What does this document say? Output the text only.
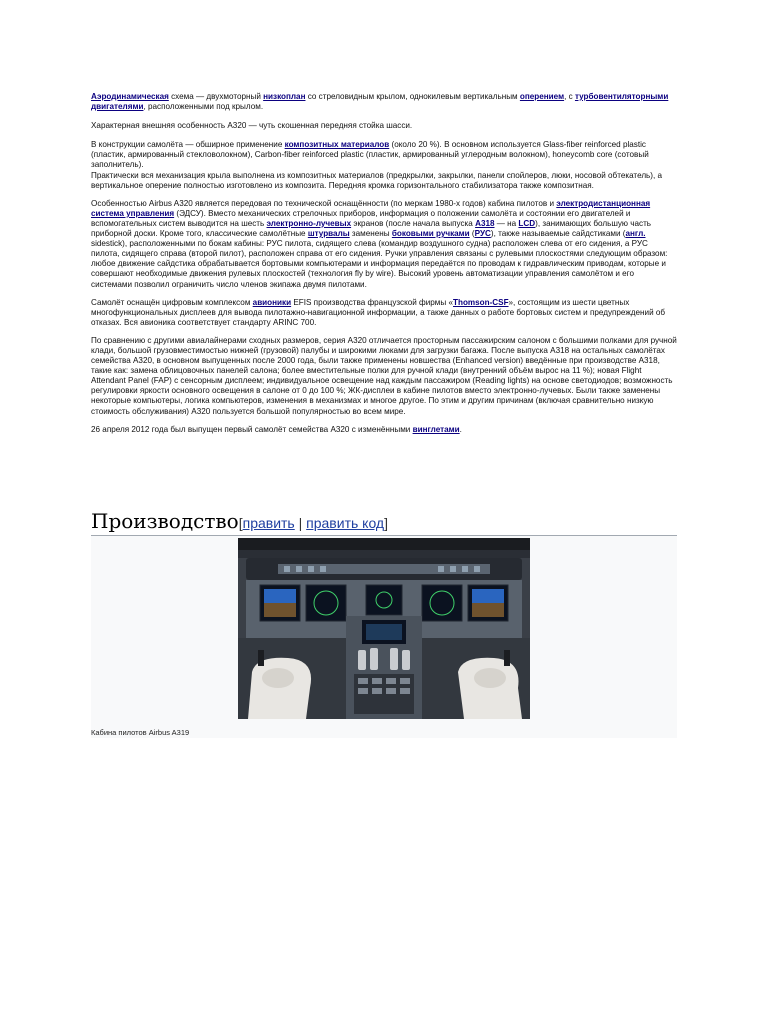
Аэродинамическая схема — двухмоторный низкоплан со стреловидным крылом, однокилевым вертикальным оперением, с турбовентиляторными двигателями, расположенными под крылом.

Характерная внешняя особенность A320 — чуть скошенная передняя стойка шасси.

В конструкции самолёта — обширное применение композитных материалов (около 20 %). В основном используется Glass-fiber reinforced plastic (пластик, армированный стекловолокном), Carbon-fiber reinforced plastic (пластик, армированный углеродным волокном), honeycomb core (сотовый заполнитель).

Практически вся механизация крыла выполнена из композитных материалов (предкрылки, закрылки, панели спойлеров, люки, носовой обтекатель), а вертикальное оперение полностью изготовлено из композита. Передняя кромка горизонтального стабилизатора также композитная.

Особенностью Airbus A320 является передовая по технической оснащённости (по меркам 1980-х годов) кабина пилотов и электродистанционная система управления (ЭДСУ). Вместо механических стрелочных приборов, информация о положении самолёта и состоянии его двигателей и вспомогательных систем выводится на шесть электронно-лучевых экранов (после начала выпуска A318 — на LCD), занимающих большую часть приборной доски. Кроме того, классические самолётные штурвалы заменены боковыми ручками (РУС), также называемые сайдстиками (англ. sidestick), расположенными по бокам кабины: РУС пилота, сидящего слева (командир воздушного судна) расположен слева от его сидения, а РУС пилота, сидящего справа (второй пилот), расположен справа от его сидения. Ручки управления связаны с рулевыми плоскостями следующим образом: любое движение сайдстика обрабатывается бортовыми компьютерами и информация передаётся по проводам к гидравлическим приводам, которые и совершают необходимые движения рулевых плоскостей (технология fly by wire). Высокий уровень автоматизации управления самолётом и его системами позволил ограничить число членов экипажа двумя пилотами.

Самолёт оснащён цифровым комплексом авионики EFIS производства французской фирмы «Thomson-CSF», состоящим из шести цветных многофункциональных дисплеев для вывода пилотажно-навигационной информации, а также данных о работе бортовых систем и предупреждений об отказах. Вся авионика соответствует стандарту ARINC 700.

По сравнению с другими авиалайнерами сходных размеров, серия A320 отличается просторным пассажирским салоном с большими полками для ручной клади, большой грузовместимостью нижней (грузовой) палубы и широкими люками для загрузки багажа. После выпуска A318 на остальных самолётах семейства A320, в основном выпущенных после 2000 года, были также применены новшества (Enhanced version) введённые при производстве A318, такие как: замена облицовочных панелей салона; более вместительные полки для ручной клади (внутренний объём вырос на 11 %); новая Flight Attendant Panel (FAP) с сенсорным дисплеем; индивидуальное освещение над каждым пассажиром (Reading lights) на основе светодиодов; возможность регулировки яркости основного освещения в салоне от 0 до 100 %; ЖК-дисплеи в кабине пилотов вместо электронно-лучевых. Были также заменены некоторые компьютеры, логика компьютеров, изменения в механизмах и многое другое. По этим и другим причинам (включая сравнительно низкую стоимость обслуживания) A320 пользуется большой популярностью во всем мире.

26 апреля 2012 года был выпущен первый самолёт семейства A320 с изменёнными винглетами.

Производство[править | править код]
Кабина пилотов Airbus A319
